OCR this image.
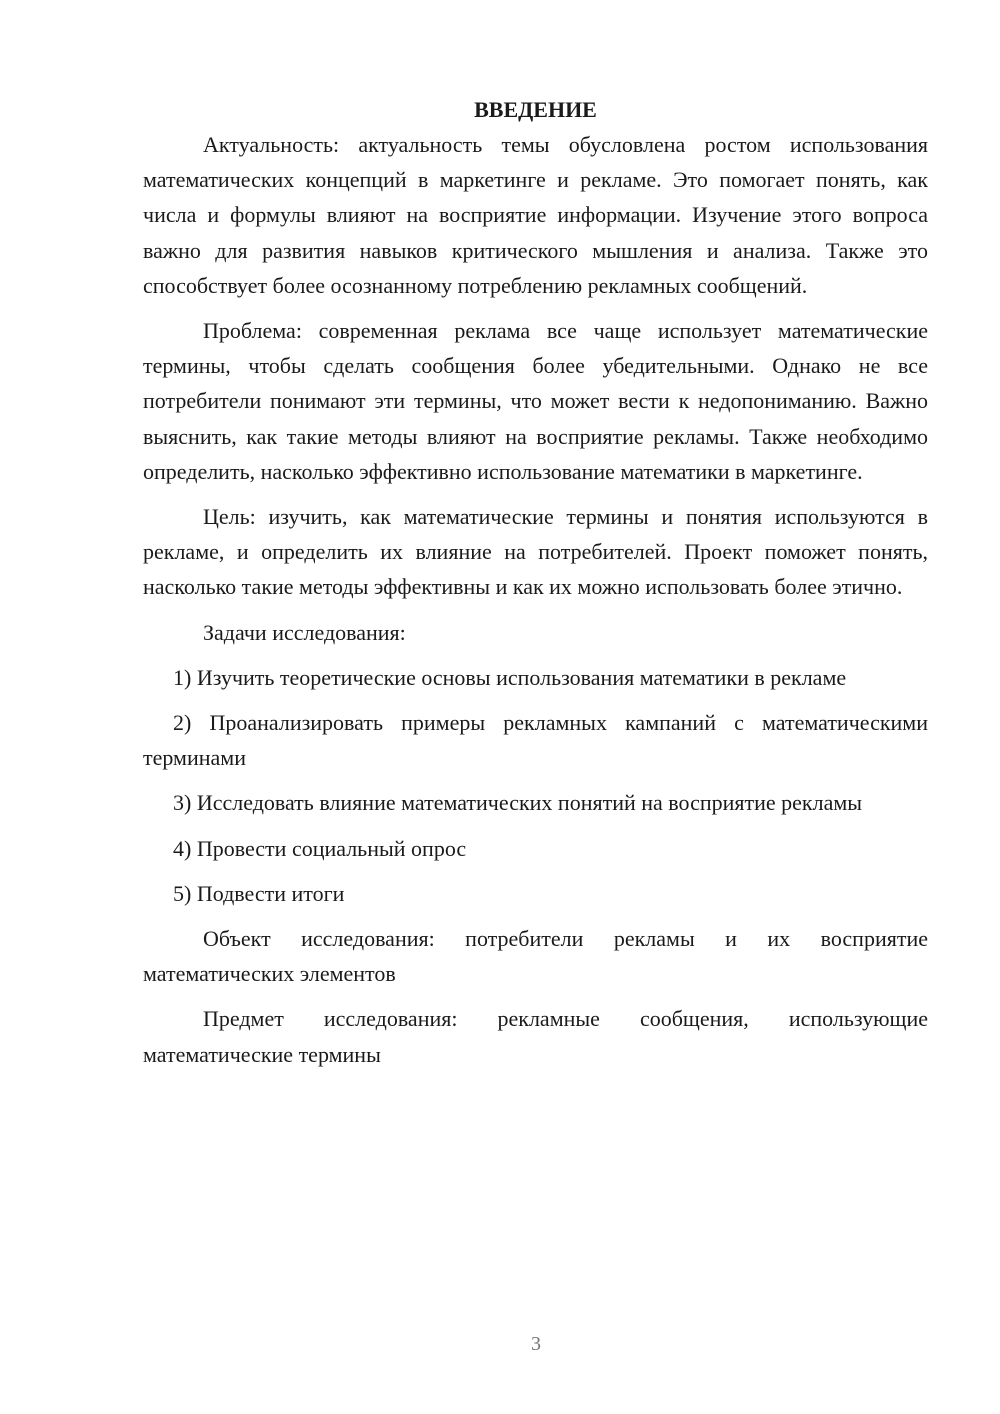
ВВЕДЕНИЕ

Актуальность: актуальность темы обусловлена ростом использования математических концепций в маркетинге и рекламе. Это помогает понять, как числа и формулы влияют на восприятие информации. Изучение этого вопроса важно для развития навыков критического мышления и анализа. Также это способствует более осознанному потреблению рекламных сообщений.

Проблема: современная реклама все чаще использует математические термины, чтобы сделать сообщения более убедительными. Однако не все потребители понимают эти термины, что может вести к недопониманию. Важно выяснить, как такие методы влияют на восприятие рекламы. Также необходимо определить, насколько эффективно использование математики в маркетинге.

Цель: изучить, как математические термины и понятия используются в рекламе, и определить их влияние на потребителей. Проект поможет понять, насколько такие методы эффективны и как их можно использовать более этично.

Задачи исследования:

1) Изучить теоретические основы использования математики в рекламе

2) Проанализировать примеры рекламных кампаний с математическими терминами

3) Исследовать влияние математических понятий на восприятие рекламы

4) Провести социальный опрос

5) Подвести итоги

Объект исследования: потребители рекламы и их восприятие математических элементов

Предмет исследования: рекламные сообщения, использующие математические термины

3
